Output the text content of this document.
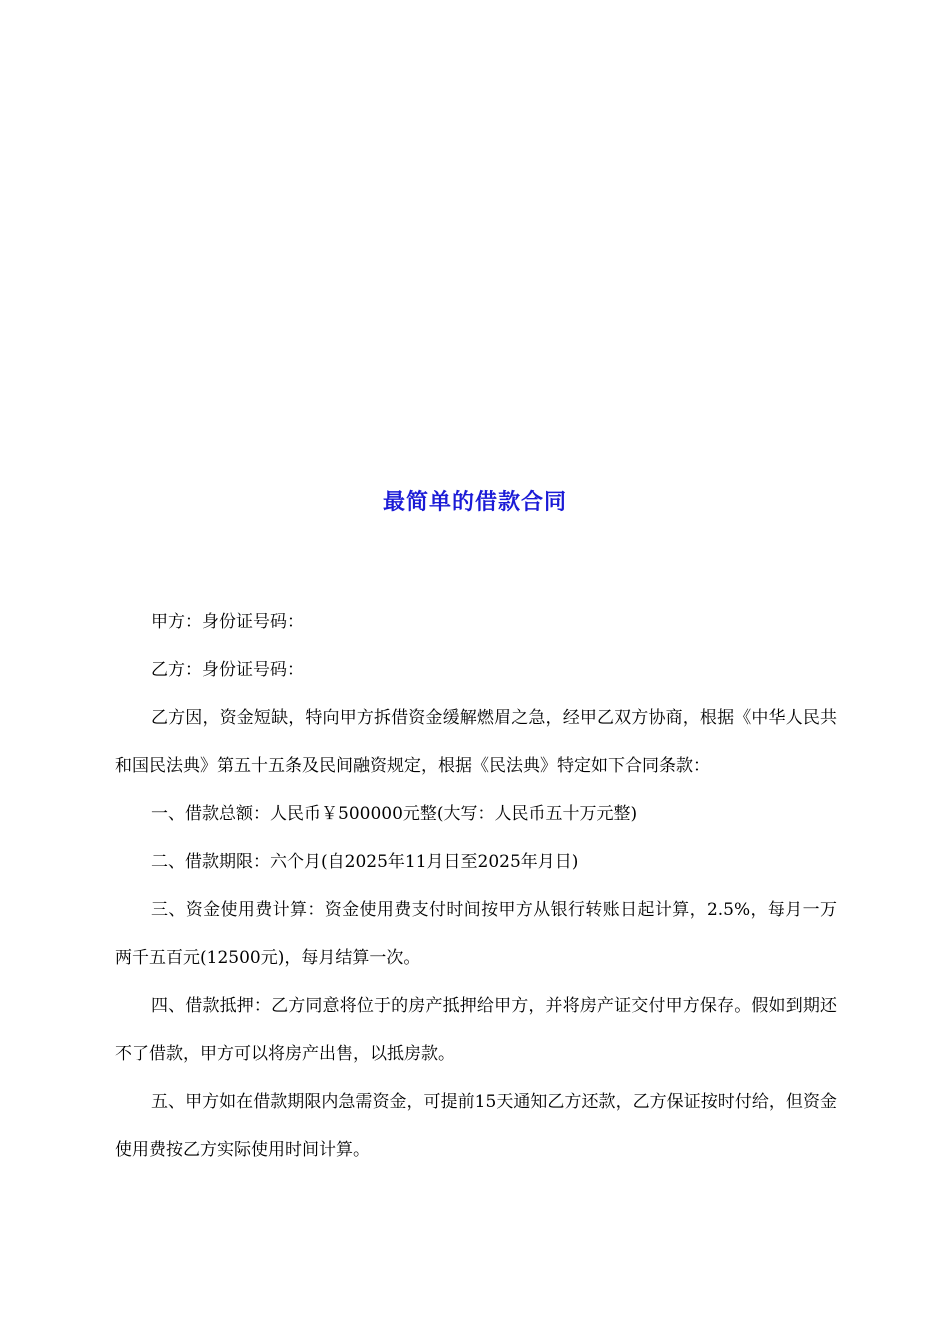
最简单的借款合同

甲方：身份证号码：

乙方：身份证号码：

乙方因，资金短缺，特向甲方拆借资金缓解燃眉之急，经甲乙双方协商，根据《中华人民共和国民法典》第五十五条及民间融资规定，根据《民法典》特定如下合同条款：

一、借款总额：人民币￥500000元整(大写：人民币五十万元整)

二、借款期限：六个月(自2025年11月日至2025年月日)

三、资金使用费计算：资金使用费支付时间按甲方从银行转账日起计算，2.5%，每月一万两千五百元(12500元)，每月结算一次。

四、借款抵押：乙方同意将位于的房产抵押给甲方，并将房产证交付甲方保存。假如到期还不了借款，甲方可以将房产出售，以抵房款。

五、甲方如在借款期限内急需资金，可提前15天通知乙方还款，乙方保证按时付给，但资金使用费按乙方实际使用时间计算。
